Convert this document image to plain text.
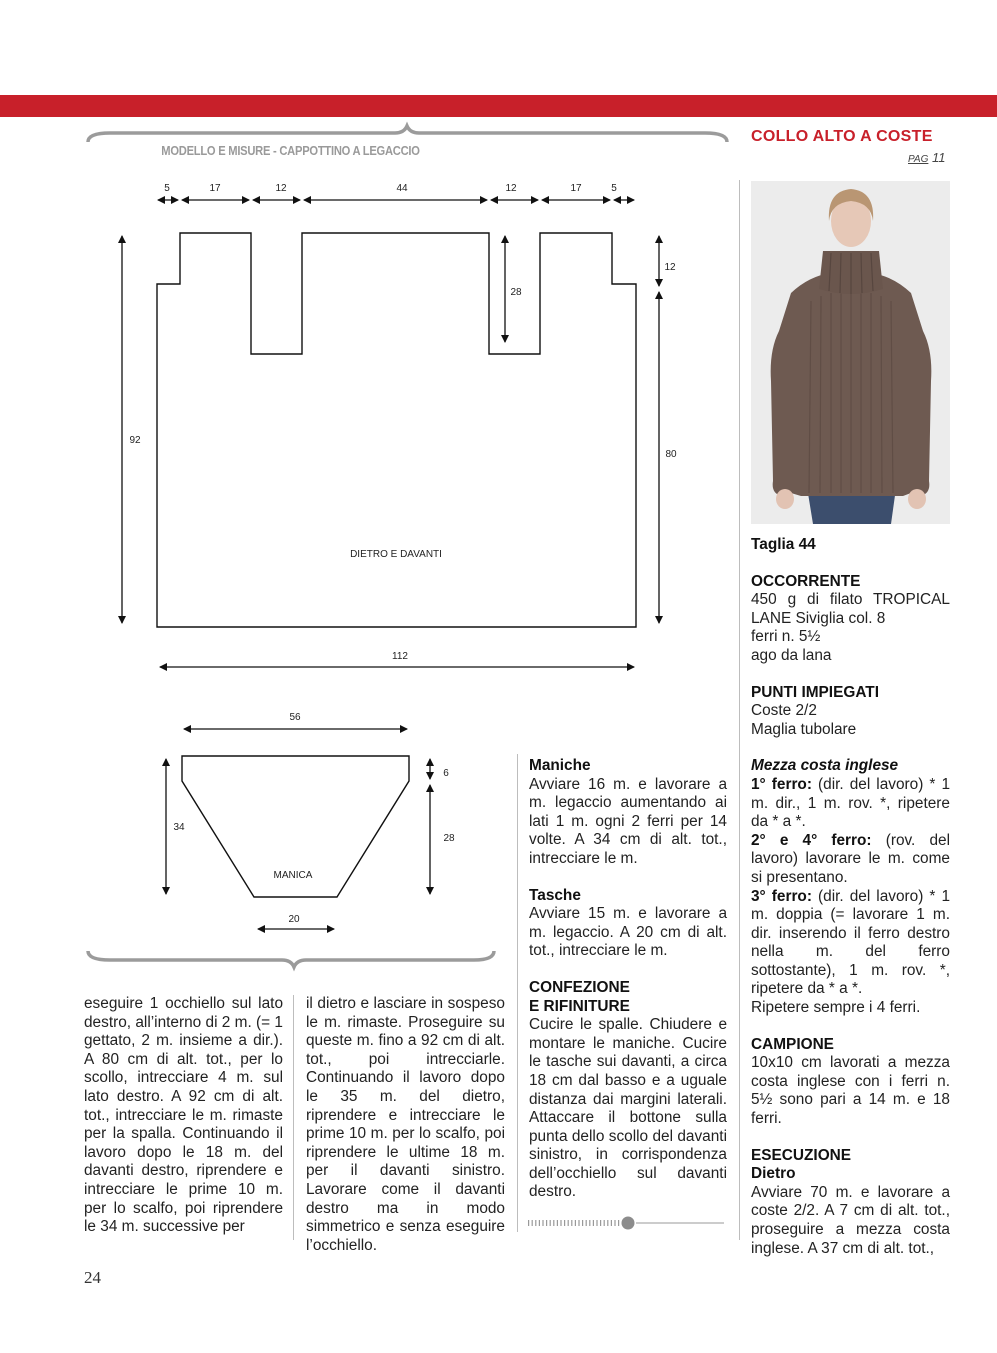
5	17	12	44	12	17	5
92
12
80
28
112
DIETRO E DAVANTI
56
34
6
28
20
MANICA
MODELLO E MISURE - CAPPOTTINO A LEGACCIO

eseguire 1 occhiello sul lato destro, all’interno di 2 m. (= 1 gettato, 2 m. insieme a dir.). A 80 cm di alt. tot., per lo scollo, intrecciare 4 m. sul lato destro. A 92 cm di alt. tot., intrecciare le m. rimaste per la spalla. Continuando il lavoro dopo le 18 m. del davanti destro, riprendere e intrecciare le prime 10 m. per lo scalfo, poi riprendere le 34 m. successive per

il dietro e lasciare in sospeso le m. rimaste. Proseguire su queste m. fino a 92 cm di alt. tot., poi intrecciarle. Continuando il lavoro dopo le 35 m. del dietro, riprendere e intrecciare le prime 10 m. per lo scalfo, poi riprendere le ultime 18 m. per il davanti sinistro. Lavorare come il davanti destro ma in modo simmetrico e senza eseguire l’occhiello.

Maniche

Avviare 16 m. e lavorare a m. legaccio aumentando ai lati 1 m. ogni 2 ferri per 14 volte. A 34 cm di alt. tot., intrecciare le m.

Tasche

Avviare 15 m. e lavorare a m. legaccio. A 20 cm di alt. tot., intrecciare le m.

CONFEZIONE

E RIFINITURE

Cucire le spalle. Chiudere e montare le maniche. Cucire le tasche sui davanti, a circa 18 cm dal basso e a uguale distanza dai margini laterali. Attaccare il bottone sulla punta dello scollo del davanti sinistro, in corrispondenza dell’occhiello sul davanti destro.

COLLO ALTO A COSTE
PAG 11

Taglia 44

OCCORRENTE

450 g di filato TROPICAL LANE Siviglia col. 8

ferri n. 5½

ago da lana

PUNTI IMPIEGATI

Coste 2/2

Maglia tubolare

Mezza costa inglese

1° ferro: (dir. del lavoro) * 1 m. dir., 1 m. rov. *, ripetere da * a *.

2° e 4° ferro: (rov. del lavoro) lavorare le m. come si presentano.

3° ferro: (dir. del lavoro) * 1 m. doppia (= lavorare 1 m. dir. inserendo il ferro destro nella m. del ferro sottostante), 1 m. rov. *, ripetere da * a *.

Ripetere sempre i 4 ferri.

CAMPIONE

10x10 cm lavorati a mezza costa inglese con i ferri n. 5½ sono pari a 14 m. e 18 ferri.

ESECUZIONE

Dietro

Avviare 70 m. e lavorare a coste 2/2. A 7 cm di alt. tot., proseguire a mezza costa inglese. A 37 cm di alt. tot.,

24
